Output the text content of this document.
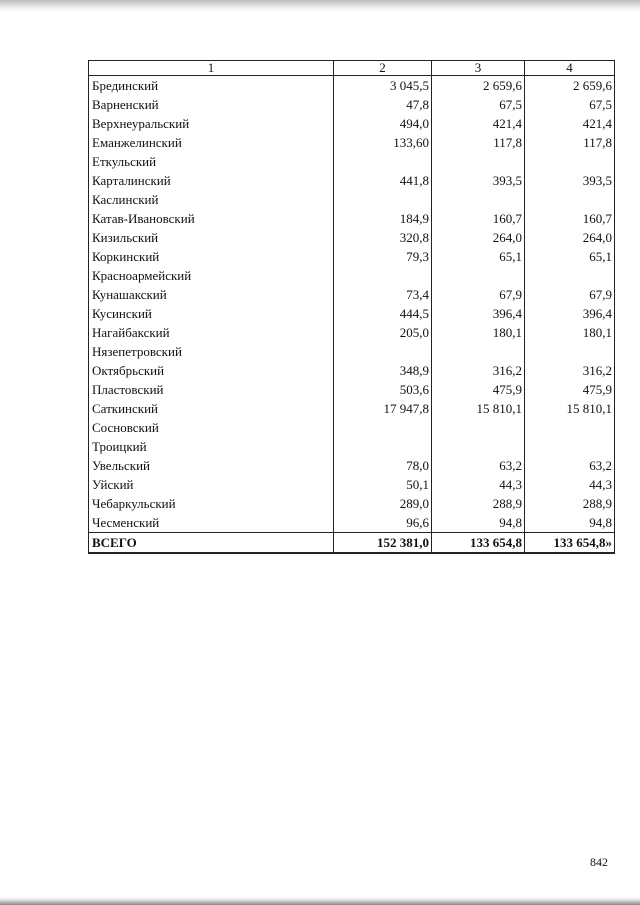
1	2	3	4
Брединский	3 045,5	2 659,6	2 659,6
Варненский	47,8	67,5	67,5
Верхнеуральский	494,0	421,4	421,4
Еманжелинский	133,60	117,8	117,8
Еткульский			
Карталинский	441,8	393,5	393,5
Каслинский			
Катав-Ивановский	184,9	160,7	160,7
Кизильский	320,8	264,0	264,0
Коркинский	79,3	65,1	65,1
Красноармейский			
Кунашакский	73,4	67,9	67,9
Кусинский	444,5	396,4	396,4
Нагайбакский	205,0	180,1	180,1
Нязепетровский			
Октябрьский	348,9	316,2	316,2
Пластовский	503,6	475,9	475,9
Саткинский	17 947,8	15 810,1	15 810,1
Сосновский			
Троицкий			
Увельский	78,0	63,2	63,2
Уйский	50,1	44,3	44,3
Чебаркульский	289,0	288,9	288,9
Чесменский	96,6	94,8	94,8
ВСЕГО	152 381,0	133 654,8	133 654,8»
842
